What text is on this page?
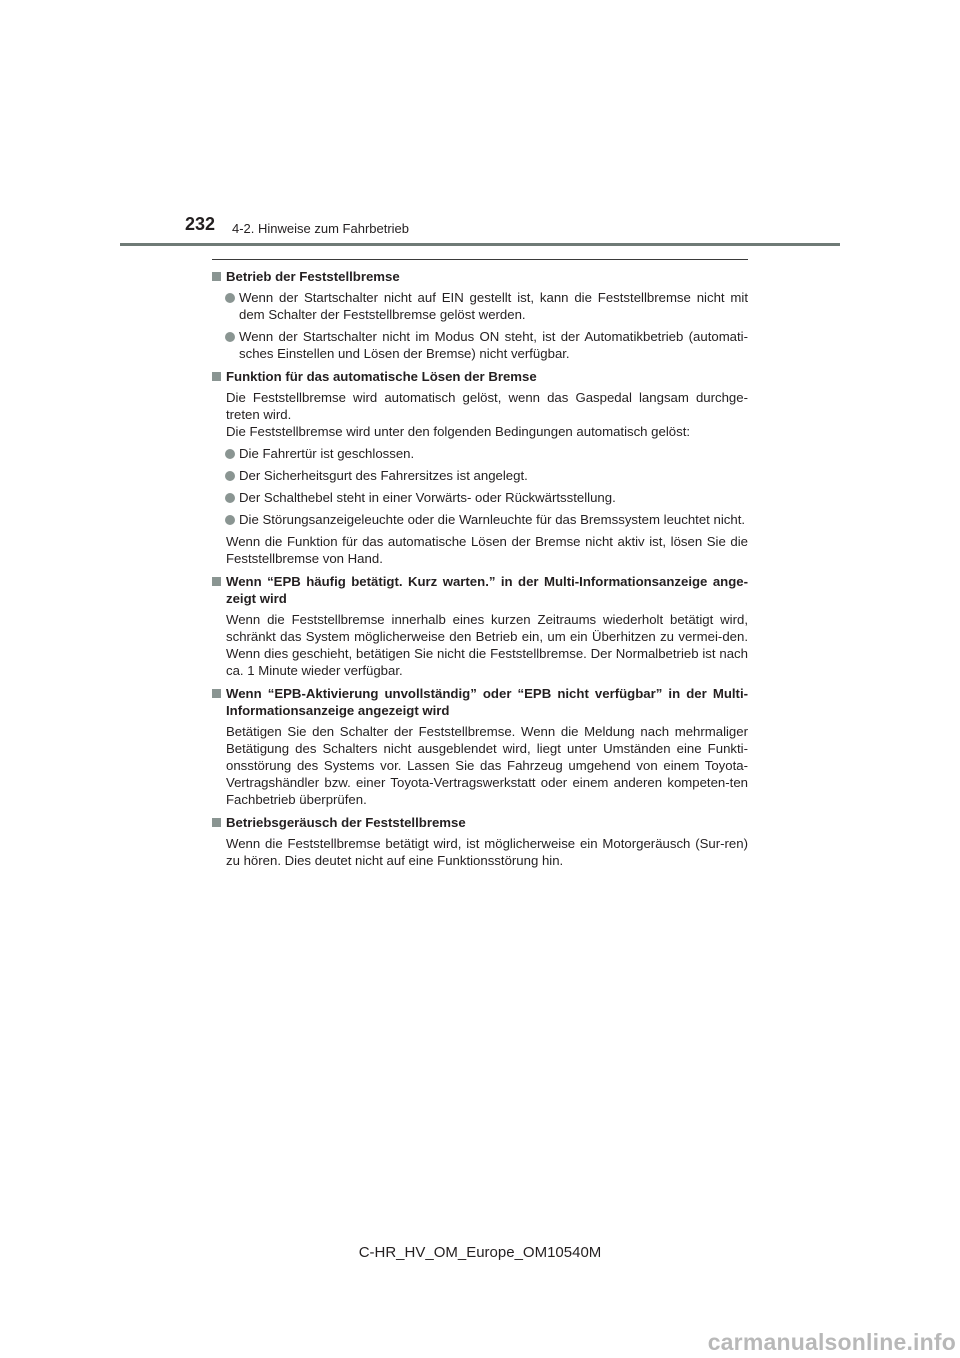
232 4-2. Hinweise zum Fahrbetrieb
Betrieb der Feststellbremse
Wenn der Startschalter nicht auf EIN gestellt ist, kann die Feststellbremse nicht mit dem Schalter der Feststellbremse gelöst werden.
Wenn der Startschalter nicht im Modus ON steht, ist der Automatikbetrieb (automati-sches Einstellen und Lösen der Bremse) nicht verfügbar.
Funktion für das automatische Lösen der Bremse
Die Feststellbremse wird automatisch gelöst, wenn das Gaspedal langsam durchge-treten wird.
Die Feststellbremse wird unter den folgenden Bedingungen automatisch gelöst:
Die Fahrertür ist geschlossen.
Der Sicherheitsgurt des Fahrersitzes ist angelegt.
Der Schalthebel steht in einer Vorwärts- oder Rückwärtsstellung.
Die Störungsanzeigeleuchte oder die Warnleuchte für das Bremssystem leuchtet nicht.
Wenn die Funktion für das automatische Lösen der Bremse nicht aktiv ist, lösen Sie die Feststellbremse von Hand.
Wenn “EPB häufig betätigt. Kurz warten.” in der Multi-Informationsanzeige ange-zeigt wird
Wenn die Feststellbremse innerhalb eines kurzen Zeitraums wiederholt betätigt wird, schränkt das System möglicherweise den Betrieb ein, um ein Überhitzen zu vermei-den. Wenn dies geschieht, betätigen Sie nicht die Feststellbremse. Der Normalbetrieb ist nach ca. 1 Minute wieder verfügbar.
Wenn “EPB-Aktivierung unvollständig” oder “EPB nicht verfügbar” in der Multi-Informationsanzeige angezeigt wird
Betätigen Sie den Schalter der Feststellbremse. Wenn die Meldung nach mehrmaliger Betätigung des Schalters nicht ausgeblendet wird, liegt unter Umständen eine Funkti-onsstörung des Systems vor. Lassen Sie das Fahrzeug umgehend von einem Toyota-Vertragshändler bzw. einer Toyota-Vertragswerkstatt oder einem anderen kompeten-ten Fachbetrieb überprüfen.
Betriebsgeräusch der Feststellbremse
Wenn die Feststellbremse betätigt wird, ist möglicherweise ein Motorgeräusch (Sur-ren) zu hören. Dies deutet nicht auf eine Funktionsstörung hin.
C-HR_HV_OM_Europe_OM10540M
carmanualsonline.info
